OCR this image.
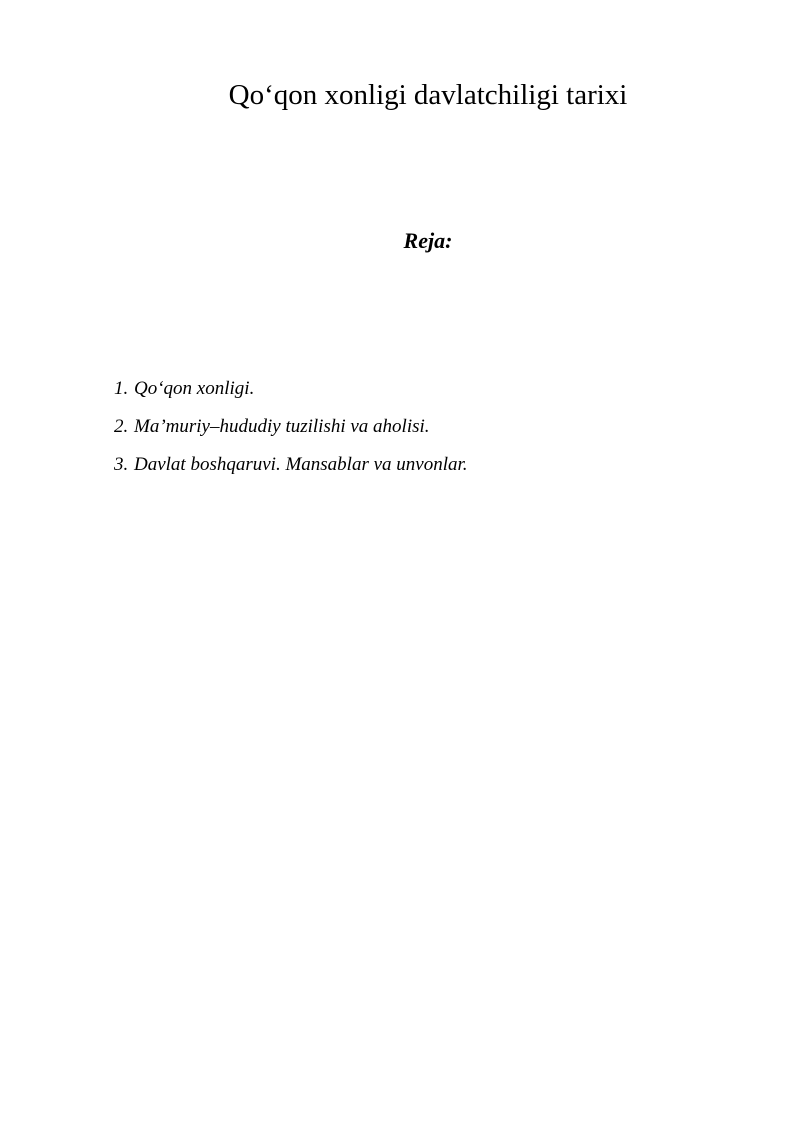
Qo‘qon xonligi davlatchiligi tarixi
Reja:
1. Qo‘qon xonligi.
2. Ma’muriy–hududiy tuzilishi va aholisi.
3. Davlat boshqaruvi. Mansablar va unvonlar.
